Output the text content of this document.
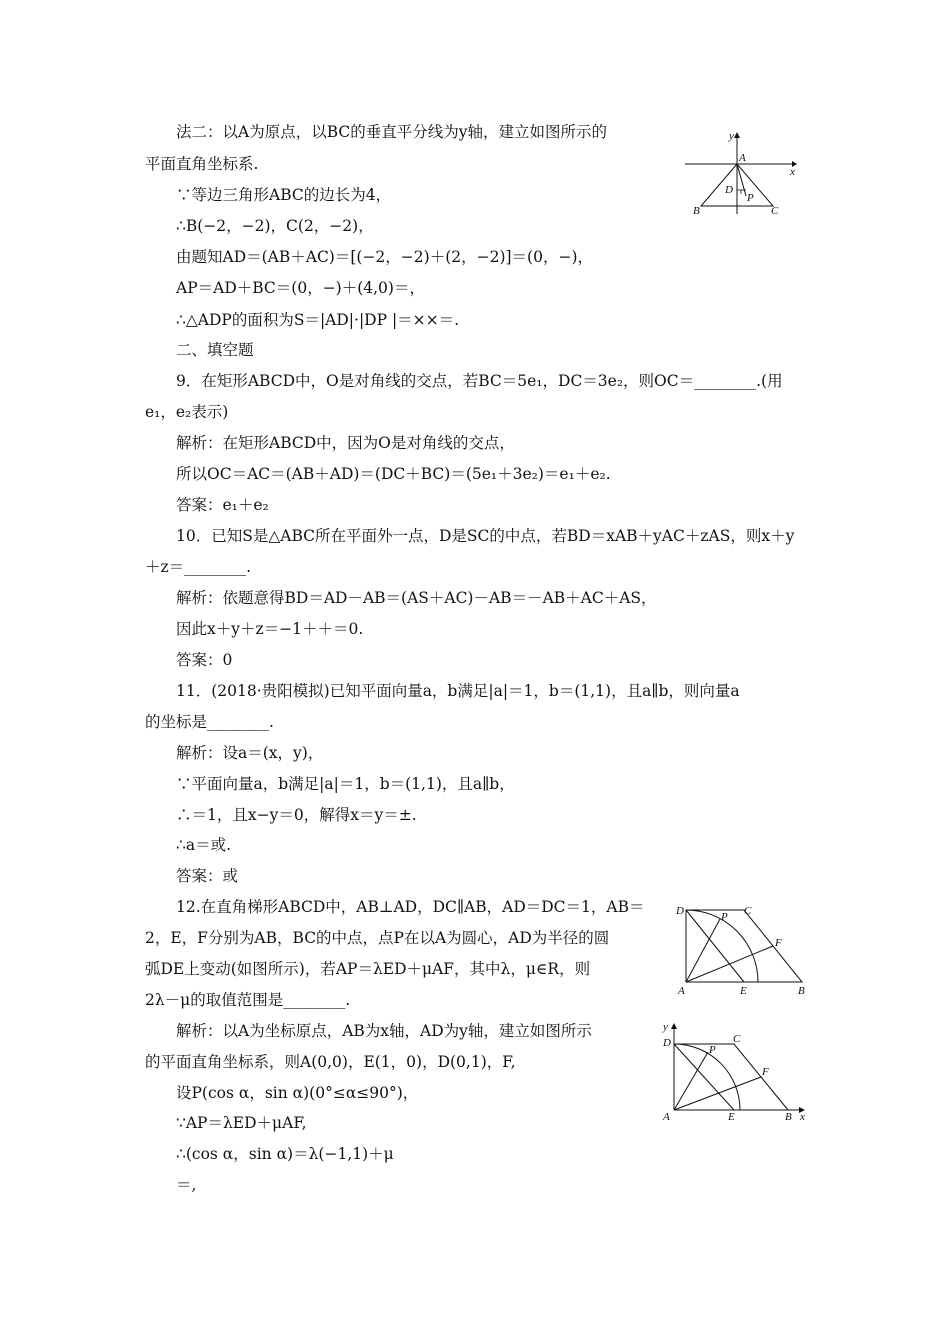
法二：以A为原点，以BC的垂直平分线为y轴，建立如图所示的
平面直角坐标系.
∵等边三角形ABC的边长为4，
∴B(−2，−2)，C(2，−2)，
由题知AD＝(AB＋AC)＝[(−2，−2)＋(2，−2)]＝(0，−)，
AP＝AD＋BC＝(0，−)＋(4,0)＝，
∴△ADP的面积为S＝|AD|·|DP |＝××＝.
二、填空题
9．在矩形ABCD中，O是对角线的交点，若BC＝5e₁，DC＝3e₂，则OC＝________.(用
e₁，e₂表示)
解析：在矩形ABCD中，因为O是对角线的交点，
所以OC＝AC＝(AB＋AD)＝(DC＋BC)＝(5e₁＋3e₂)＝e₁＋e₂.
答案：e₁＋e₂
10．已知S是△ABC所在平面外一点，D是SC的中点，若BD＝xAB＋yAC＋zAS，则x＋y
＋z＝________.
解析：依题意得BD＝AD－AB＝(AS＋AC)－AB＝－AB＋AC＋AS，
因此x＋y＋z＝−1＋＋＝0.
答案：0
11．(2018·贵阳模拟)已知平面向量a，b满足|a|＝1，b＝(1,1)，且a∥b，则向量a
的坐标是________.
解析：设a＝(x，y)，
∵平面向量a，b满足|a|＝1，b＝(1,1)，且a∥b，
∴＝1，且x−y＝0，解得x＝y＝±.
∴a＝或.
答案：或
12.在直角梯形ABCD中，AB⊥AD，DC∥AB，AD＝DC＝1，AB＝
2，E，F分别为AB，BC的中点，点P在以A为圆心，AD为半径的圆
弧DE上变动(如图所示)，若AP＝λED＋μAF，其中λ，μ∈R，则
2λ－μ的取值范围是________.
解析：以A为坐标原点，AB为x轴，AD为y轴，建立如图所示
的平面直角坐标系，则A(0,0)，E(1，0)，D(0,1)，F,
设P(cos α，sin α)(0°≤α≤90°)，
∵AP＝λED＋μAF,
∴(cos α，sin α)＝λ(−1,1)＋μ
＝,
y
x
A
D
P
B	C
D	C
P
F
A	E	B
y
D	C
P
F
A	E	B x
